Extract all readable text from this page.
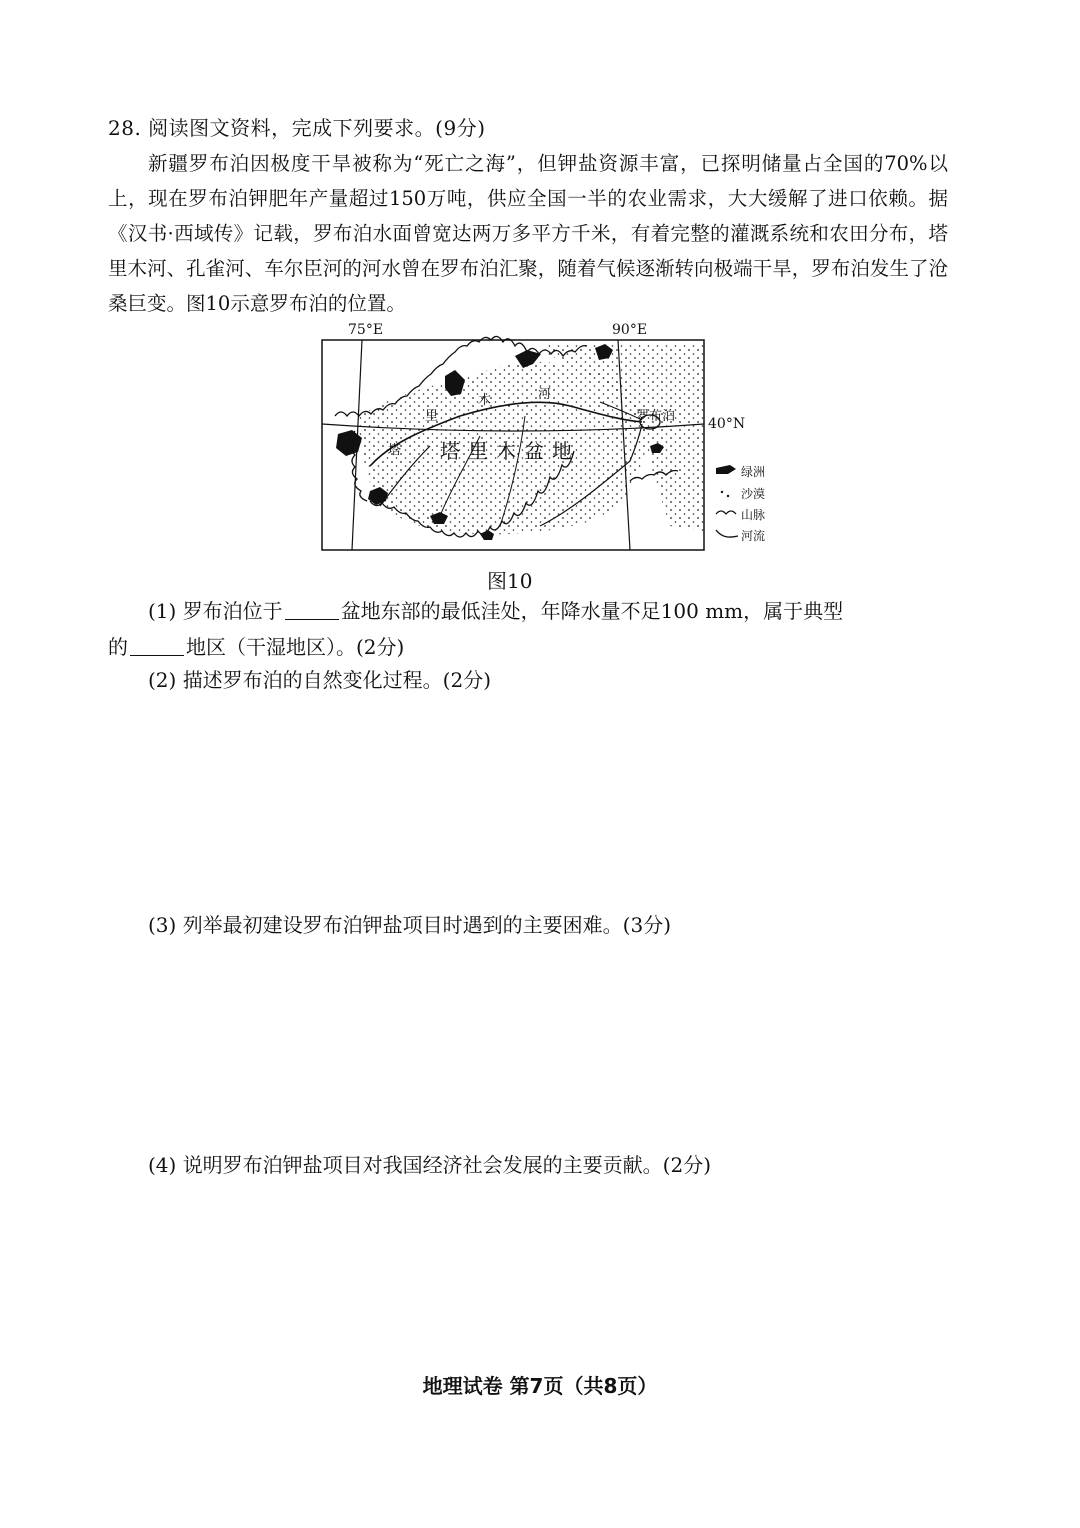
28. 阅读图文资料，完成下列要求。(9分)
新疆罗布泊因极度干旱被称为“死亡之海”，但钾盐资源丰富，已探明储量占全国的70%以上，现在罗布泊钾肥年产量超过150万吨，供应全国一半的农业需求，大大缓解了进口依赖。据《汉书·西域传》记载，罗布泊水面曾宽达两万多平方千米，有着完整的灌溉系统和农田分布，塔里木河、孔雀河、车尔臣河的河水曾在罗布泊汇聚，随着气候逐渐转向极端干旱，罗布泊发生了沧桑巨变。图10示意罗布泊的位置。
75°E	90°E
40°N
塔里木盆地
罗布泊
塔
里
木	河
绿洲
沙漠
山脉
河流
图10
(1) 罗布泊位于	盆地东部的最低洼处，年降水量不足100 mm，属于典型
的	地区（干湿地区）。(2分)
(2) 描述罗布泊的自然变化过程。(2分)
(3) 列举最初建设罗布泊钾盐项目时遇到的主要困难。(3分)
(4) 说明罗布泊钾盐项目对我国经济社会发展的主要贡献。(2分)
地理试卷 第7页（共8页）
